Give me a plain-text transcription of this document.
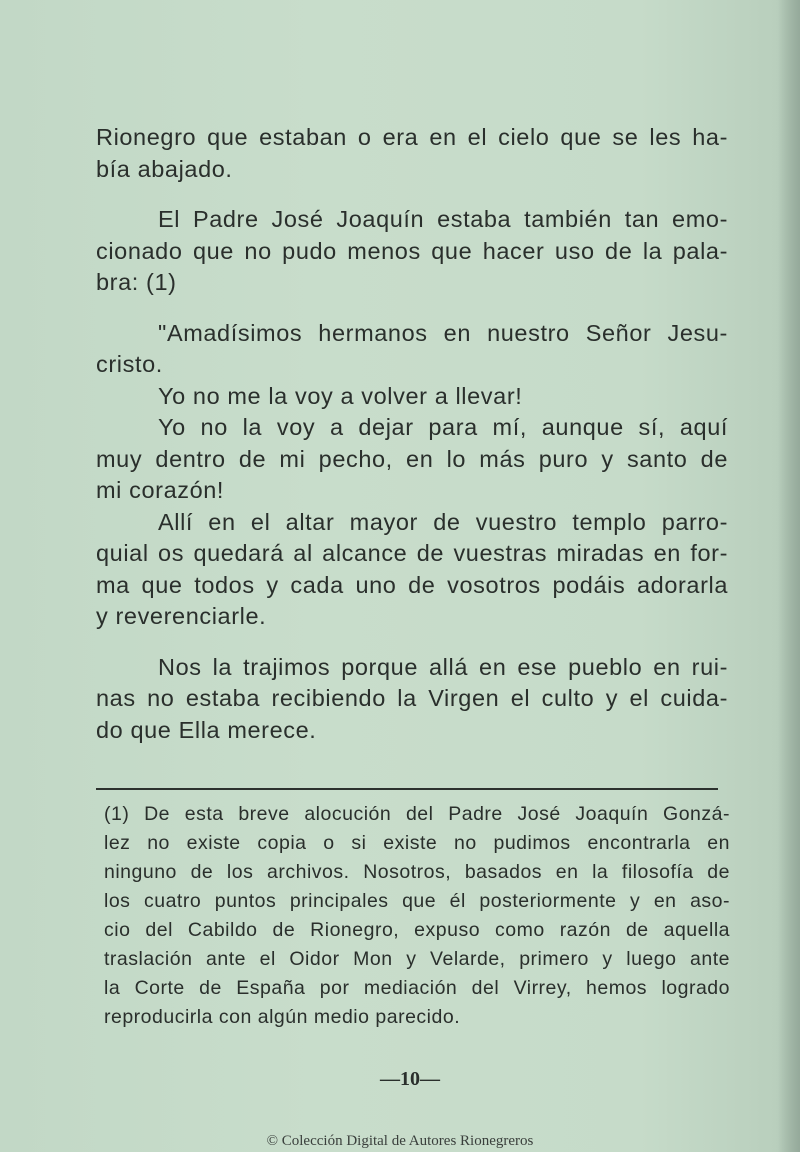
Rionegro que estaban o era en el cielo que se les ha-
bía abajado.

El Padre José Joaquín estaba también tan emo-
cionado que no pudo menos que hacer uso de la pala-
bra: (1)

"Amadísimos hermanos en nuestro Señor Jesu-
cristo.

Yo no me la voy a volver a llevar!

Yo no la voy a dejar para mí, aunque sí, aquí
muy dentro de mi pecho, en lo más puro y santo de
mi corazón!

Allí en el altar mayor de vuestro templo parro-
quial os quedará al alcance de vuestras miradas en for-
ma que todos y cada uno de vosotros podáis adorarla
y reverenciarle.

Nos la trajimos porque allá en ese pueblo en rui-
nas no estaba recibiendo la Virgen el culto y el cuida-
do que Ella merece.

(1) De esta breve alocución del Padre José Joaquín Gonzá-
lez no existe copia o si existe no pudimos encontrarla en
ninguno de los archivos. Nosotros, basados en la filosofía de
los cuatro puntos principales que él posteriormente y en aso-
cio del Cabildo de Rionegro, expuso como razón de aquella
traslación ante el Oidor Mon y Velarde, primero y luego ante
la Corte de España por mediación del Virrey, hemos logrado
reproducirla con algún medio parecido.
—10—
© Colección Digital de Autores Rionegreros
